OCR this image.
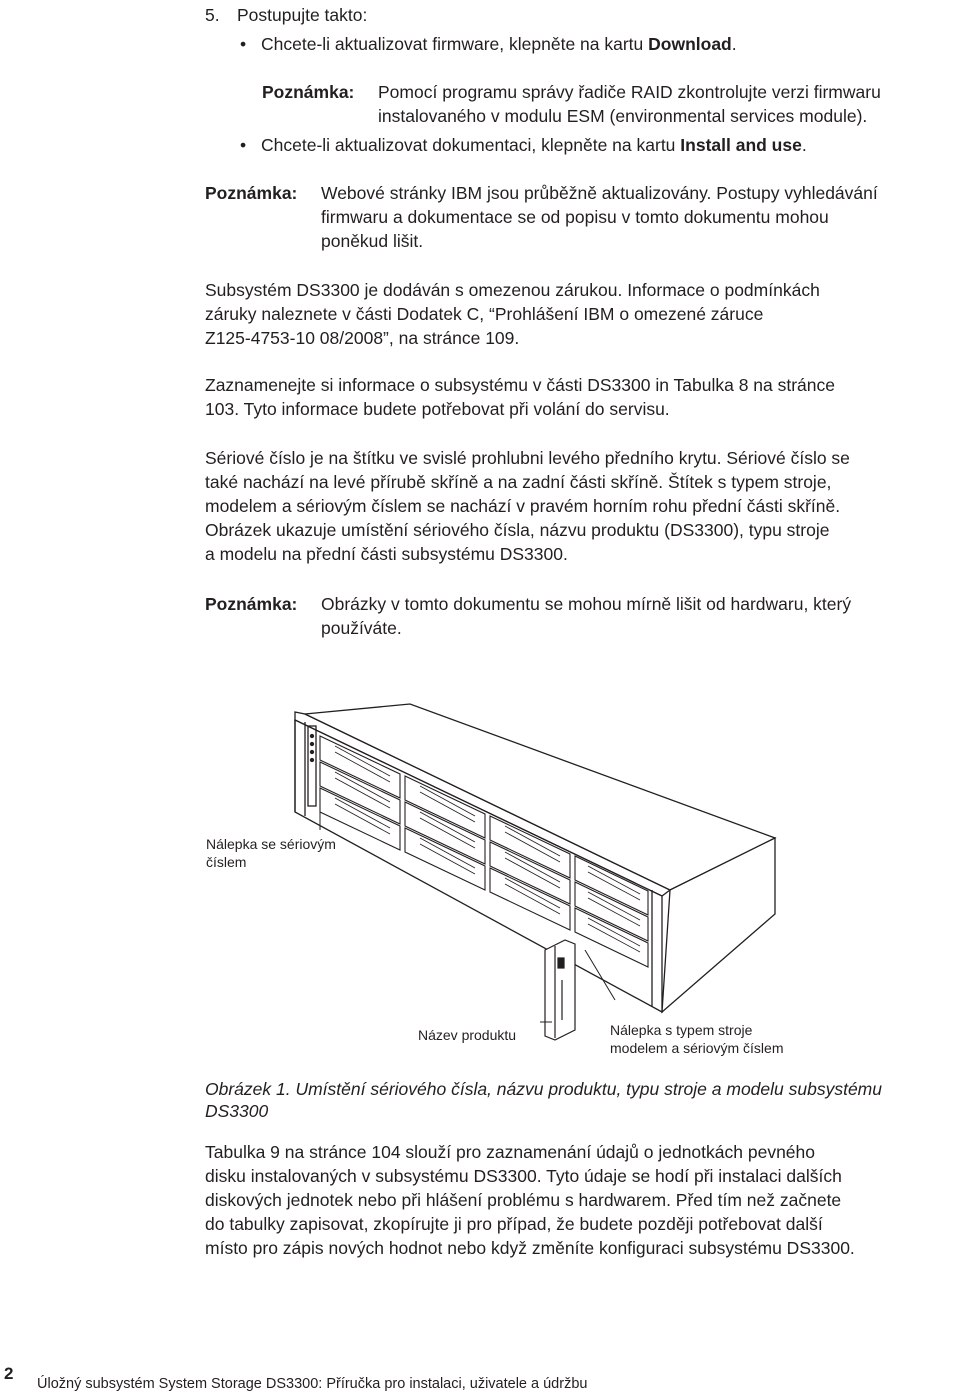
5. Postupujte takto:
• Chcete-li aktualizovat firmware, klepněte na kartu Download.
Poznámka: Pomocí programu správy řadiče RAID zkontrolujte verzi firmwaru
instalovaného v modulu ESM (environmental services module).
• Chcete-li aktualizovat dokumentaci, klepněte na kartu Install and use.
Poznámka: Webové stránky IBM jsou průběžně aktualizovány. Postupy vyhledávání
firmwaru a dokumentace se od popisu v tomto dokumentu mohou
poněkud lišit.
Subsystém DS3300 je dodáván s omezenou zárukou. Informace o podmínkách
záruky naleznete v části Dodatek C, “Prohlášení IBM o omezené záruce
Z125-4753-10 08/2008”, na stránce 109.
Zaznamenejte si informace o subsystému v části DS3300 in Tabulka 8 na stránce
103. Tyto informace budete potřebovat při volání do servisu.
Sériové číslo je na štítku ve svislé prohlubni levého předního krytu. Sériové číslo se
také nachází na levé přírubě skříně a na zadní části skříně. Štítek s typem stroje,
modelem a sériovým číslem se nachází v pravém horním rohu přední části skříně.
Obrázek ukazuje umístění sériového čísla, názvu produktu (DS3300), typu stroje
a modelu na přední části subsystému DS3300.
Poznámka: Obrázky v tomto dokumentu se mohou mírně lišit od hardwaru, který
používáte.
Nálepka se sériovým
číslem
Název produktu	Nálepka s typem stroje
modelem a sériovým číslem
Obrázek 1. Umístění sériového čísla, názvu produktu, typu stroje a modelu subsystému
DS3300
Tabulka 9 na stránce 104 slouží pro zaznamenání údajů o jednotkách pevného
disku instalovaných v subsystému DS3300. Tyto údaje se hodí při instalaci dalších
diskových jednotek nebo při hlášení problému s hardwarem. Před tím než začnete
do tabulky zapisovat, zkopírujte ji pro případ, že budete později potřebovat další
místo pro zápis nových hodnot nebo když změníte konfiguraci subsystému DS3300.
2
Úložný subsystém System Storage DS3300: Příručka pro instalaci, uživatele a údržbu
